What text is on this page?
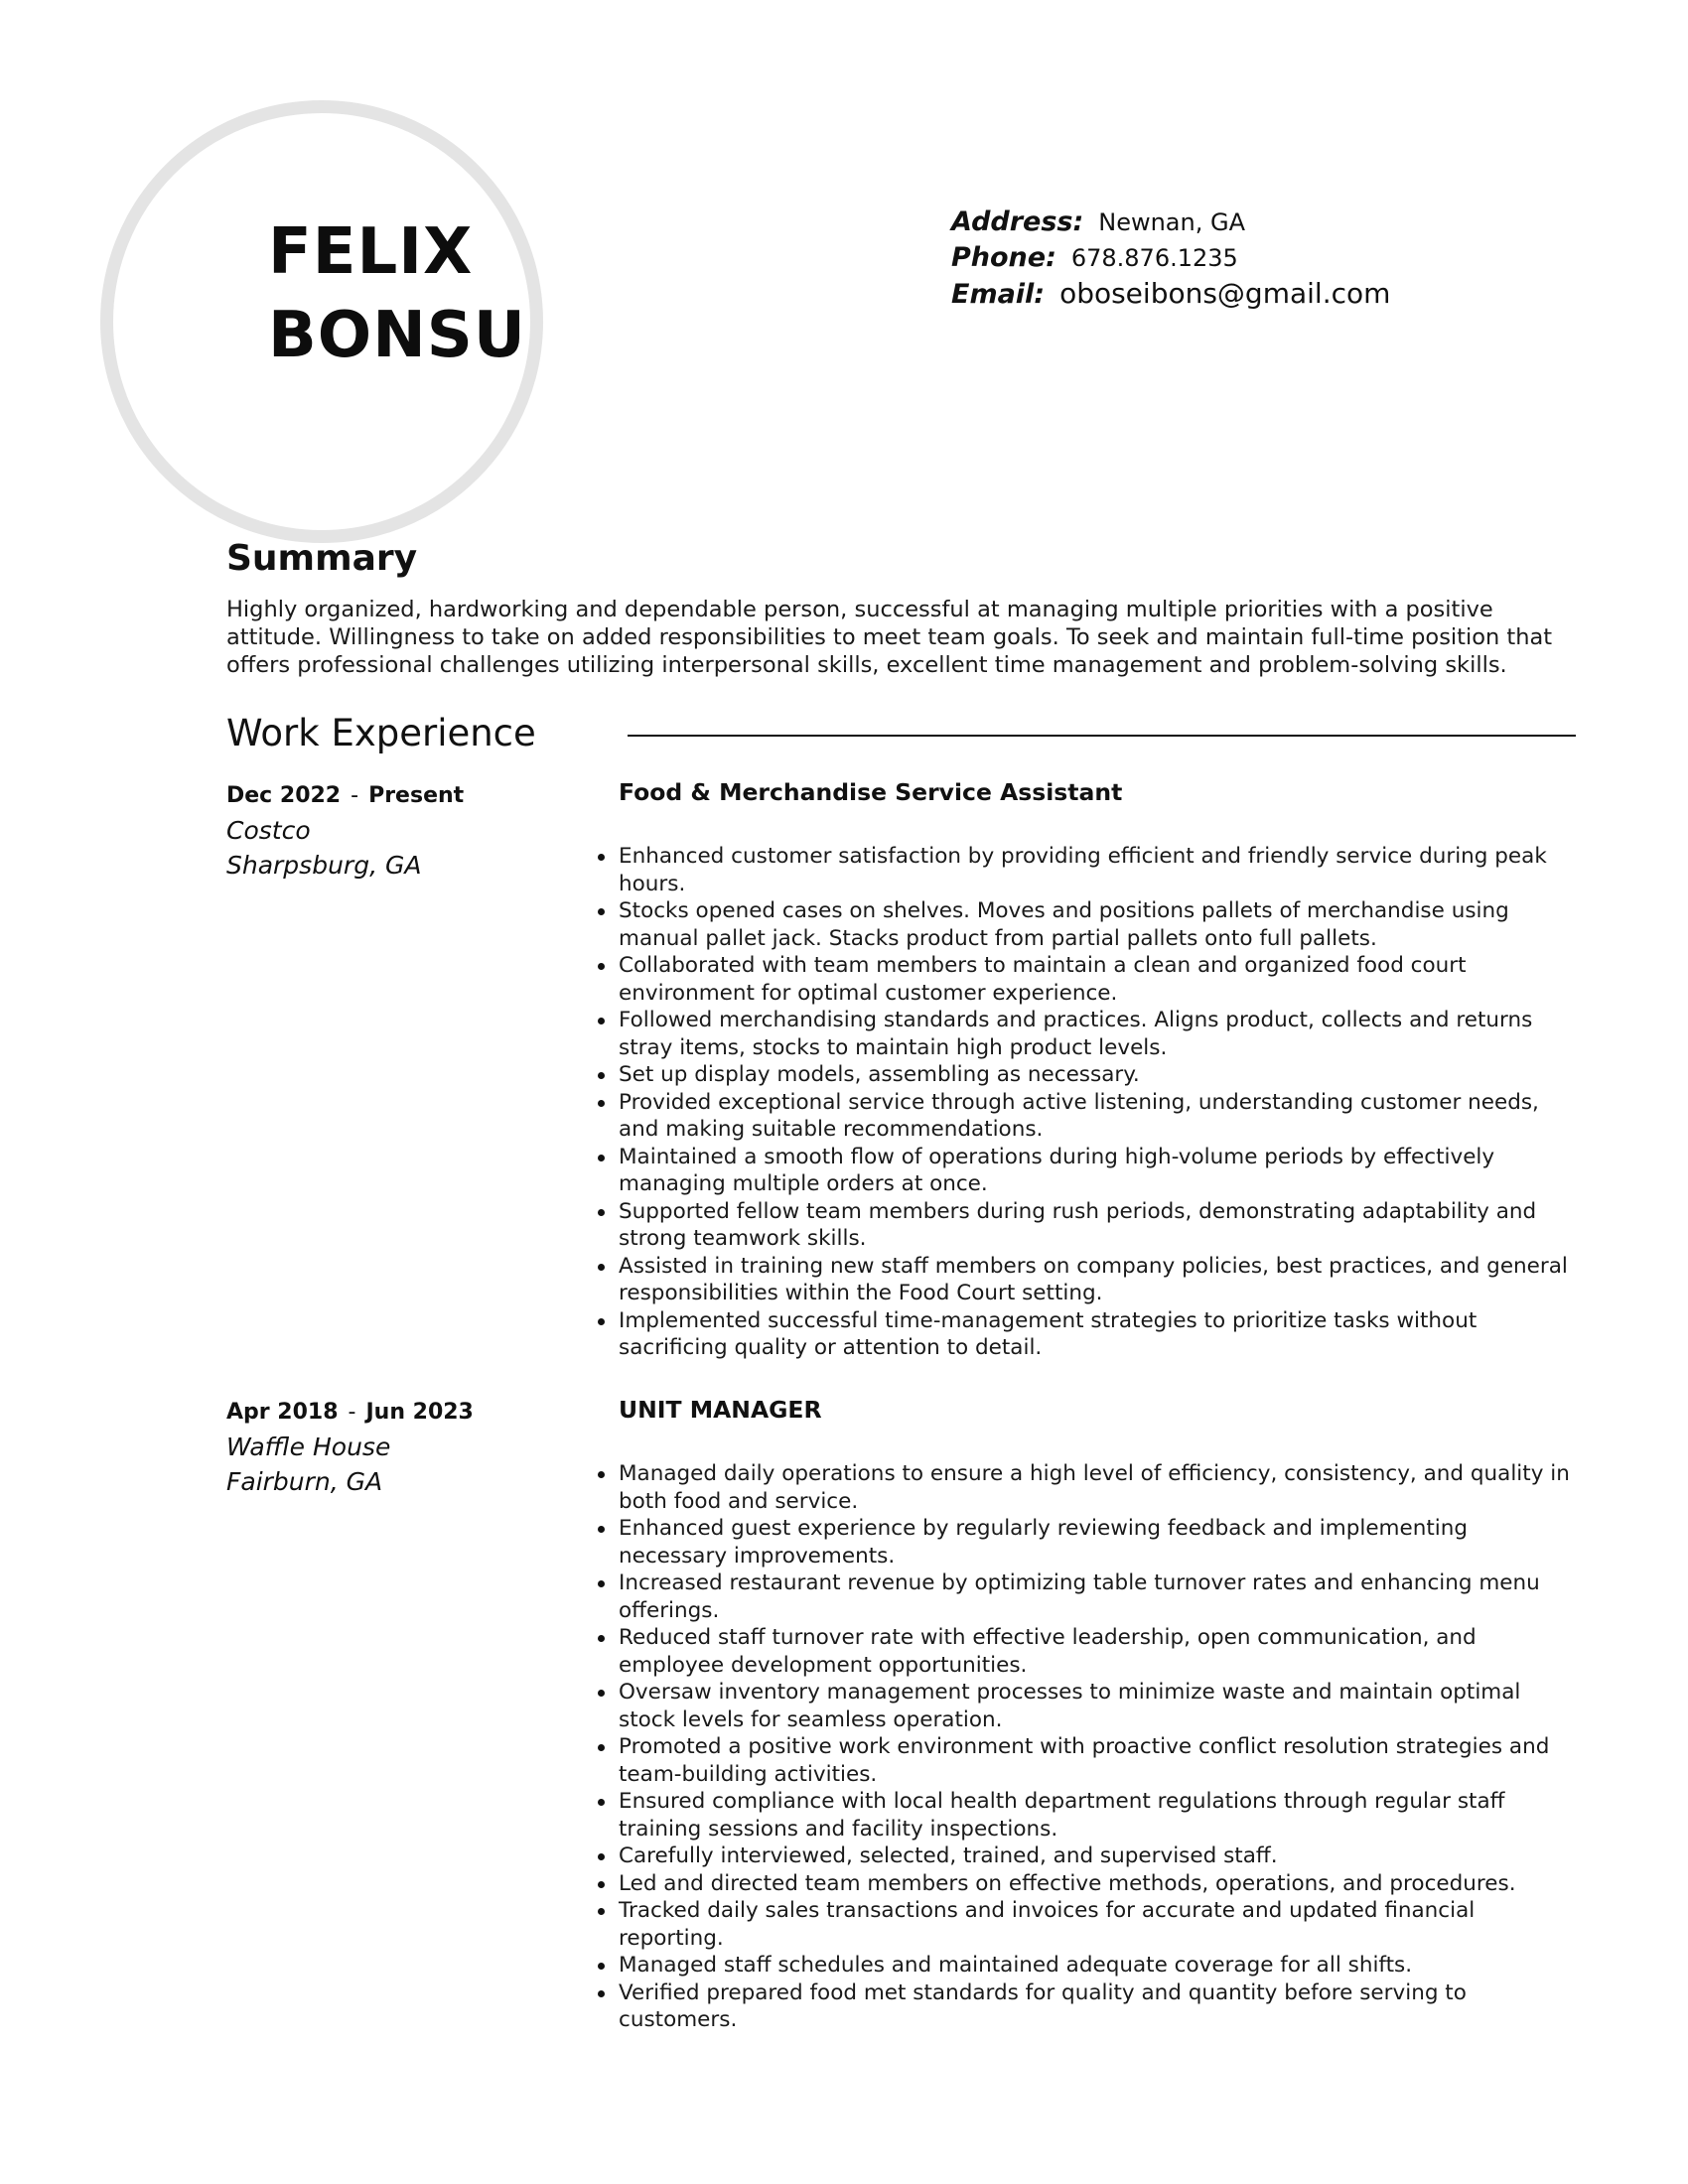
FELIX
BONSU
Address: Newnan, GA
Phone: 678.876.1235
Email: oboseibons@gmail.com
Summary
Highly organized, hardworking and dependable person, successful at managing multiple priorities with a positive attitude. Willingness to take on added responsibilities to meet team goals. To seek and maintain full-time position that offers professional challenges utilizing interpersonal skills, excellent time management and problem-solving skills.
Work Experience
Dec 2022 - Present
Costco
Sharpsburg, GA
Food & Merchandise Service Assistant
Enhanced customer satisfaction by providing efficient and friendly service during peak hours.
Stocks opened cases on shelves. Moves and positions pallets of merchandise using manual pallet jack. Stacks product from partial pallets onto full pallets.
Collaborated with team members to maintain a clean and organized food court environment for optimal customer experience.
Followed merchandising standards and practices. Aligns product, collects and returns stray items, stocks to maintain high product levels.
Set up display models, assembling as necessary.
Provided exceptional service through active listening, understanding customer needs, and making suitable recommendations.
Maintained a smooth flow of operations during high-volume periods by effectively managing multiple orders at once.
Supported fellow team members during rush periods, demonstrating adaptability and strong teamwork skills.
Assisted in training new staff members on company policies, best practices, and general responsibilities within the Food Court setting.
Implemented successful time-management strategies to prioritize tasks without sacrificing quality or attention to detail.
Apr 2018 - Jun 2023
Waffle House
Fairburn, GA
UNIT MANAGER
Managed daily operations to ensure a high level of efficiency, consistency, and quality in both food and service.
Enhanced guest experience by regularly reviewing feedback and implementing necessary improvements.
Increased restaurant revenue by optimizing table turnover rates and enhancing menu offerings.
Reduced staff turnover rate with effective leadership, open communication, and employee development opportunities.
Oversaw inventory management processes to minimize waste and maintain optimal stock levels for seamless operation.
Promoted a positive work environment with proactive conflict resolution strategies and team-building activities.
Ensured compliance with local health department regulations through regular staff training sessions and facility inspections.
Carefully interviewed, selected, trained, and supervised staff.
Led and directed team members on effective methods, operations, and procedures.
Tracked daily sales transactions and invoices for accurate and updated financial reporting.
Managed staff schedules and maintained adequate coverage for all shifts.
Verified prepared food met standards for quality and quantity before serving to customers.
